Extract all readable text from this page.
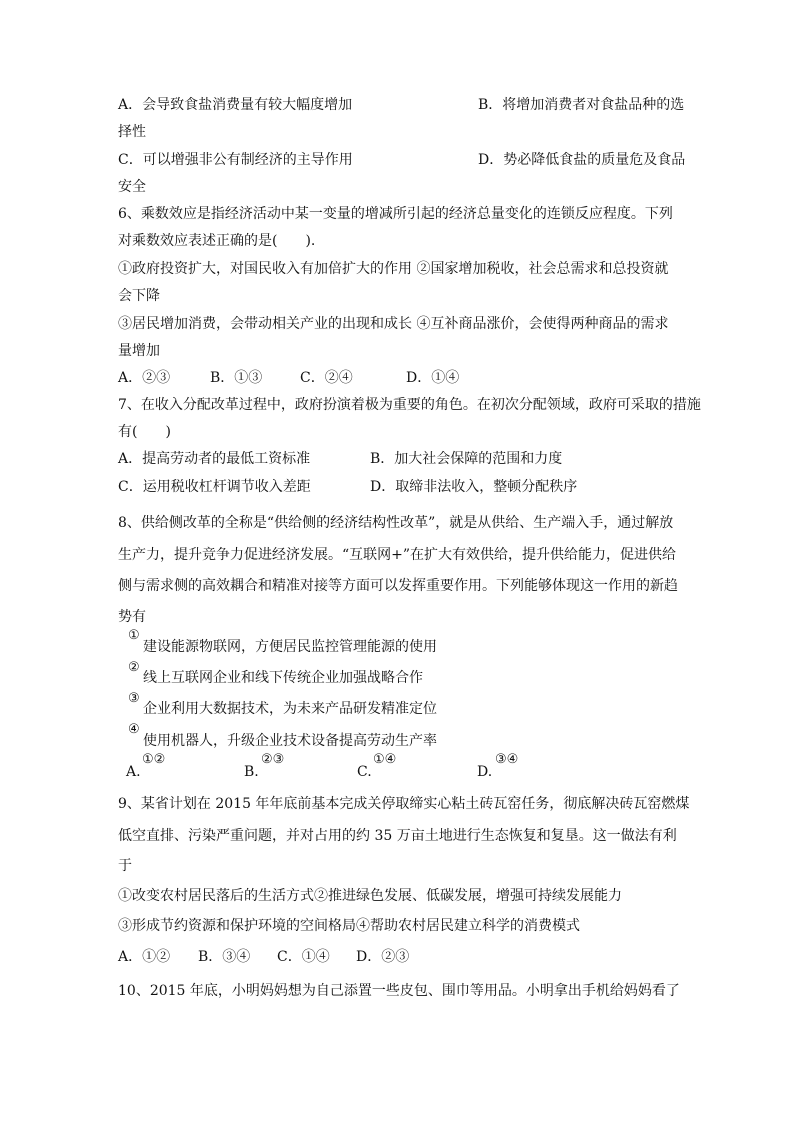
A．会导致食盐消费量有较大幅度增加	B．将增加消费者对食盐品种的选
择性
C．可以增强非公有制经济的主导作用	D．势必降低食盐的质量危及食品
安全
6、乘数效应是指经济活动中某一变量的增减所引起的经济总量变化的连锁反应程度。下列
对乘数效应表述正确的是(　　).
①政府投资扩大，对国民收入有加倍扩大的作用 ②国家增加税收，社会总需求和总投资就
会下降
③居民增加消费，会带动相关产业的出现和成长 ④互补商品涨价，会使得两种商品的需求
量增加
A．②③	B．①③	C．②④	D．①④
7、在收入分配改革过程中，政府扮演着极为重要的角色。在初次分配领域，政府可采取的措施
有(　　)
A．提高劳动者的最低工资标准	B．加大社会保障的范围和力度
C．运用税收杠杆调节收入差距	D．取缔非法收入，整顿分配秩序
8、供给侧改革的全称是“供给侧的经济结构性改革”，就是从供给、生产端入手，通过解放
生产力，提升竞争力促进经济发展。“互联网+”在扩大有效供给，提升供给能力，促进供给
侧与需求侧的高效耦合和精准对接等方面可以发挥重要作用。下列能够体现这一作用的新趋
势有
①
建设能源物联网，方便居民监控管理能源的使用
②
线上互联网企业和线下传统企业加强战略合作
③
企业利用大数据技术，为未来产品研发精准定位
④
使用机器人，升级企业技术设备提高劳动生产率
A.
①②
B.
②③
C.
①④
D.
③④
9、某省计划在 2015 年年底前基本完成关停取缔实心粘土砖瓦窑任务，彻底解决砖瓦窑燃煤
低空直排、污染严重问题，并对占用的约 35 万亩土地进行生态恢复和复垦。这一做法有利
于
①改变农村居民落后的生活方式②推进绿色发展、低碳发展，增强可持续发展能力
③形成节约资源和保护环境的空间格局④帮助农村居民建立科学的消费模式
A．①② B．③④ C．①④ D．②③
10、2015 年底，小明妈妈想为自己添置一些皮包、围巾等用品。小明拿出手机给妈妈看了
